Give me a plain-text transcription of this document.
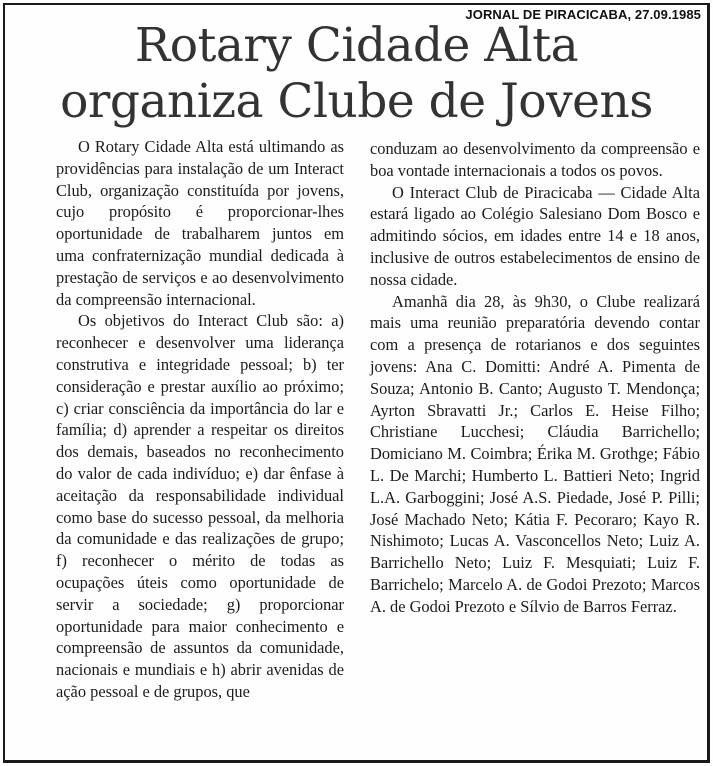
JORNAL DE PIRACICABA, 27.09.1985
Rotary Cidade Alta
organiza Clube de Jovens

O Rotary Cidade Alta está ultimando as providências para instalação de um Interact Club, organização constituída por jovens, cujo propósito é proporcionar-lhes oportunidade de trabalharem juntos em uma confraternização mundial dedicada à prestação de serviços e ao desenvolvimento da compreensão internacional.

Os objetivos do Interact Club são: a) reconhecer e desenvolver uma liderança construtiva e integridade pessoal; b) ter consideração e prestar auxílio ao próximo; c) criar consciência da importância do lar e família; d) aprender a respeitar os direitos dos demais, baseados no reconhecimento do valor de cada indivíduo; e) dar ênfase à aceitação da responsabilidade individual como base do sucesso pessoal, da melhoria da comunidade e das realizações de grupo; f) reconhecer o mérito de todas as ocupações úteis como oportunidade de servir a sociedade; g) proporcionar oportunidade para maior conhecimento e compreensão de assuntos da comunidade, nacionais e mundiais e h) abrir avenidas de ação pessoal e de grupos, que

conduzam ao desenvolvimento da compreensão e boa vontade internacionais a todos os povos.

O Interact Club de Piracicaba — Cidade Alta estará ligado ao Colégio Salesiano Dom Bosco e admitindo sócios, em idades entre 14 e 18 anos, inclusive de outros estabelecimentos de ensino de nossa cidade.

Amanhã dia 28, às 9h30, o Clube realizará mais uma reunião preparatória devendo contar com a presença de rotarianos e dos seguintes jovens: Ana C. Domitti: André A. Pimenta de Souza; Antonio B. Canto; Augusto T. Mendonça; Ayrton Sbravatti Jr.; Carlos E. Heise Filho; Christiane Lucchesi; Cláudia Barrichello; Domiciano M. Coimbra; Érika M. Grothge; Fábio L. De Marchi; Humberto L. Battieri Neto; Ingrid L.A. Garboggini; José A.S. Piedade, José P. Pilli; José Machado Neto; Kátia F. Pecoraro; Kayo R. Nishimoto; Lucas A. Vasconcellos Neto; Luiz A. Barrichello Neto; Luiz F. Mesquiati; Luiz F. Barrichelo; Marcelo A. de Godoi Prezoto; Marcos A. de Godoi Prezoto e Sílvio de Barros Ferraz.
